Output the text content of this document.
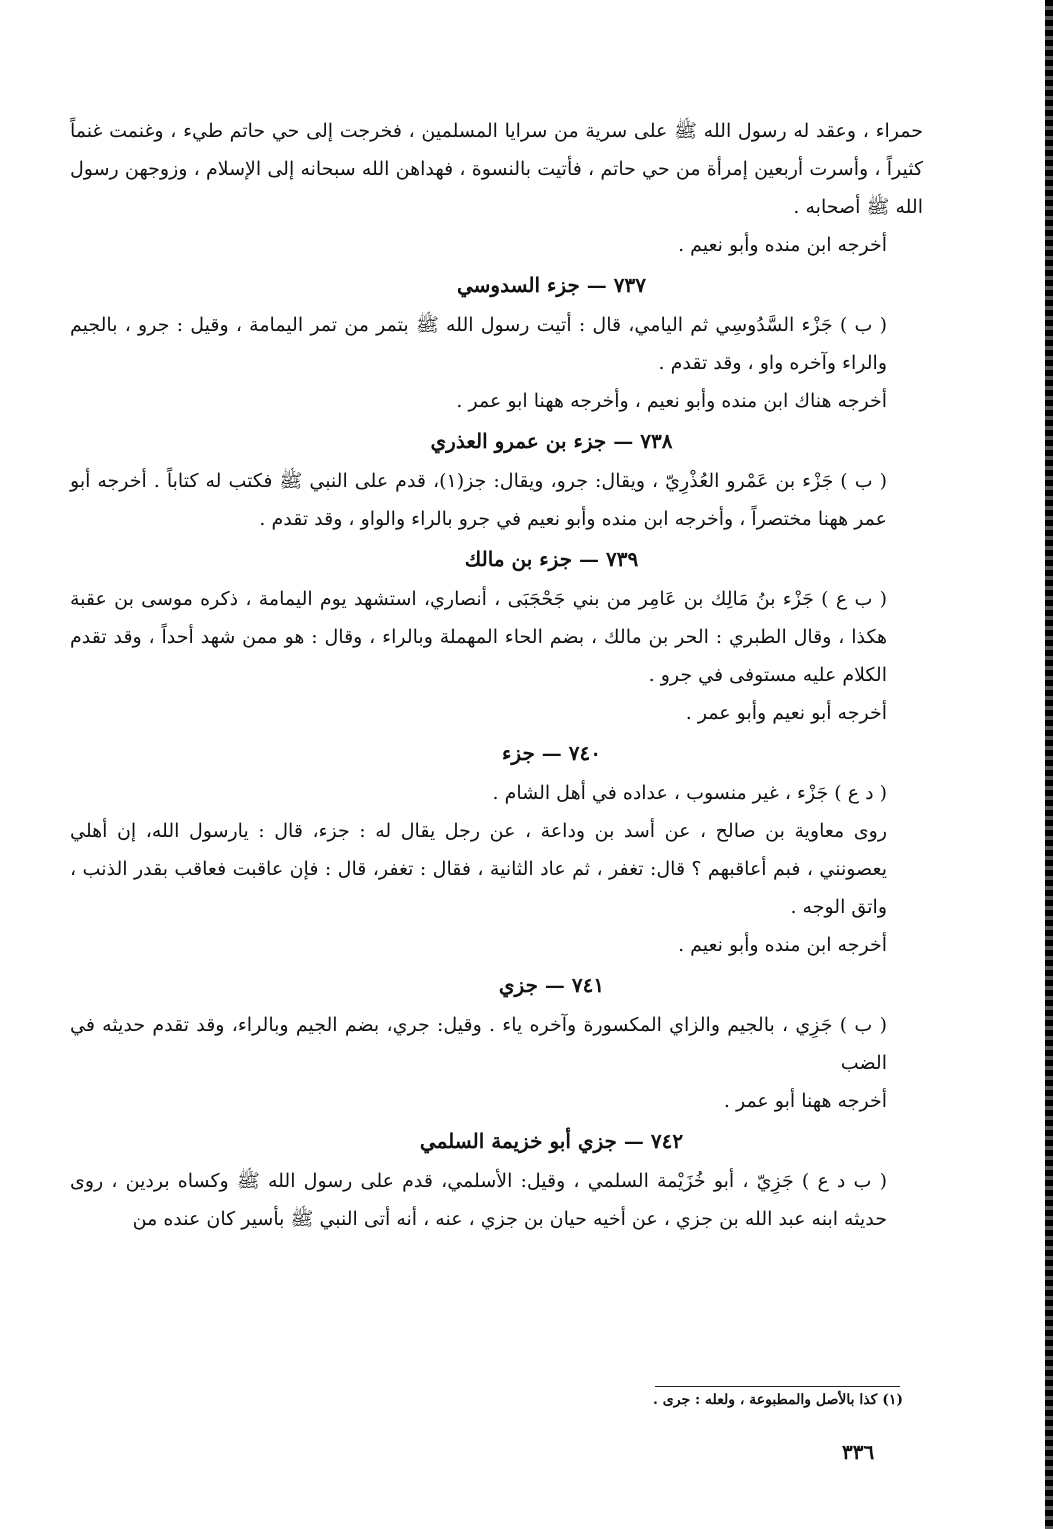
حمراء ، وعقد له رسول الله ﷺ على سرية من سرايا المسلمين ، فخرجت إلى حي حاتم طيء ، وغنمت غنماً كثيراً ، وأسرت أربعين إمرأة من حي حاتم ، فأتيت بالنسوة ، فهداهن الله سبحانه إلى الإسلام ، وزوجهن رسول الله ﷺ أصحابه .

أخرجه ابن منده وأبو نعيم .

٧٣٧ — جزء السدوسي

( ب ) جَزْء السَّدُوسِي ثم اليامي، قال : أتيت رسول الله ﷺ بتمر من تمر اليمامة ، وقيل : جرو ، بالجيم والراء وآخره واو ، وقد تقدم .

أخرجه هناك ابن منده وأبو نعيم ، وأخرجه ههنا ابو عمر .

٧٣٨ — جزء بن عمرو العذري

( ب ) جَزْء بن عَمْرو العُذْرِيّ ، ويقال: جرو، ويقال: جز(١)، قدم على النبي ﷺ فكتب له كتاباً . أخرجه أبو عمر ههنا مختصراً ، وأخرجه ابن منده وأبو نعيم في جرو بالراء والواو ، وقد تقدم .

٧٣٩ — جزء بن مالك

( ب ع ) جَزْء بنُ مَالِك بن عَامِر من بني جَحْجَبَى ، أنصاري، استشهد يوم اليمامة ، ذكره موسى بن عقبة هكذا ، وقال الطبري : الحر بن مالك ، بضم الحاء المهملة وبالراء ، وقال : هو ممن شهد أحداً ، وقد تقدم الكلام عليه مستوفى في جرو .

أخرجه أبو نعيم وأبو عمر .

٧٤٠ — جزء

( د ع ) جَزْء ، غير منسوب ، عداده في أهل الشام .

روى معاوية بن صالح ، عن أسد بن وداعة ، عن رجل يقال له : جزء، قال : يارسول الله، إن أهلي يعصونني ، فبم أعاقبهم ؟ قال: تغفر ، ثم عاد الثانية ، فقال : تغفر، قال : فإن عاقبت فعاقب بقدر الذنب ، واتق الوجه .

أخرجه ابن منده وأبو نعيم .

٧٤١ — جزي

( ب ) جَزِي ، بالجيم والزاي المكسورة وآخره ياء . وقيل: جري، بضم الجيم وبالراء، وقد تقدم حديثه في الضب

أخرجه ههنا أبو عمر .

٧٤٢ — جزي أبو خزيمة السلمي

( ب د ع ) جَزِيّ ، أبو خُزَيْمة السلمي ، وقيل: الأسلمي، قدم على رسول الله ﷺ وكساه بردين ، روى حديثه ابنه عبد الله بن جزي ، عن أخيه حيان بن جزي ، عنه ، أنه أتى النبي ﷺ بأسير كان عنده من

(١) كذا بالأصل والمطبوعة ، ولعله : جرى .
٣٣٦
